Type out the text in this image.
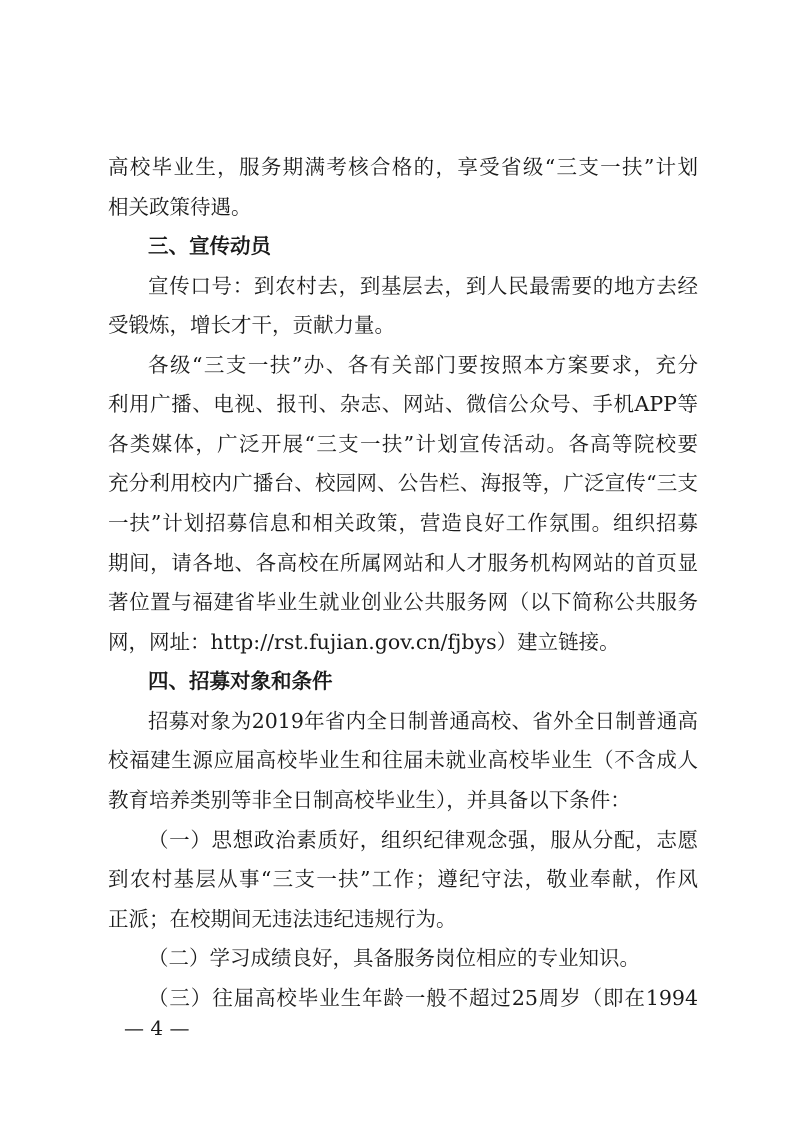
高校毕业生，服务期满考核合格的，享受省级“三支一扶”计划
相关政策待遇。
三、宣传动员
宣传口号：到农村去，到基层去，到人民最需要的地方去经
受锻炼，增长才干，贡献力量。
各级“三支一扶”办、各有关部门要按照本方案要求，充分
利用广播、电视、报刊、杂志、网站、微信公众号、手机APP等
各类媒体，广泛开展“三支一扶”计划宣传活动。各高等院校要
充分利用校内广播台、校园网、公告栏、海报等，广泛宣传“三支
一扶”计划招募信息和相关政策，营造良好工作氛围。组织招募
期间，请各地、各高校在所属网站和人才服务机构网站的首页显
著位置与福建省毕业生就业创业公共服务网（以下简称公共服务
网，网址：http://rst.fujian.gov.cn/fjbys）建立链接。
四、招募对象和条件
招募对象为2019年省内全日制普通高校、省外全日制普通高
校福建生源应届高校毕业生和往届未就业高校毕业生（不含成人
教育培养类别等非全日制高校毕业生），并具备以下条件：
（一）思想政治素质好，组织纪律观念强，服从分配，志愿
到农村基层从事“三支一扶”工作；遵纪守法，敬业奉献，作风
正派；在校期间无违法违纪违规行为。
（二）学习成绩良好，具备服务岗位相应的专业知识。
（三）往届高校毕业生年龄一般不超过25周岁（即在1994
— 4 —
